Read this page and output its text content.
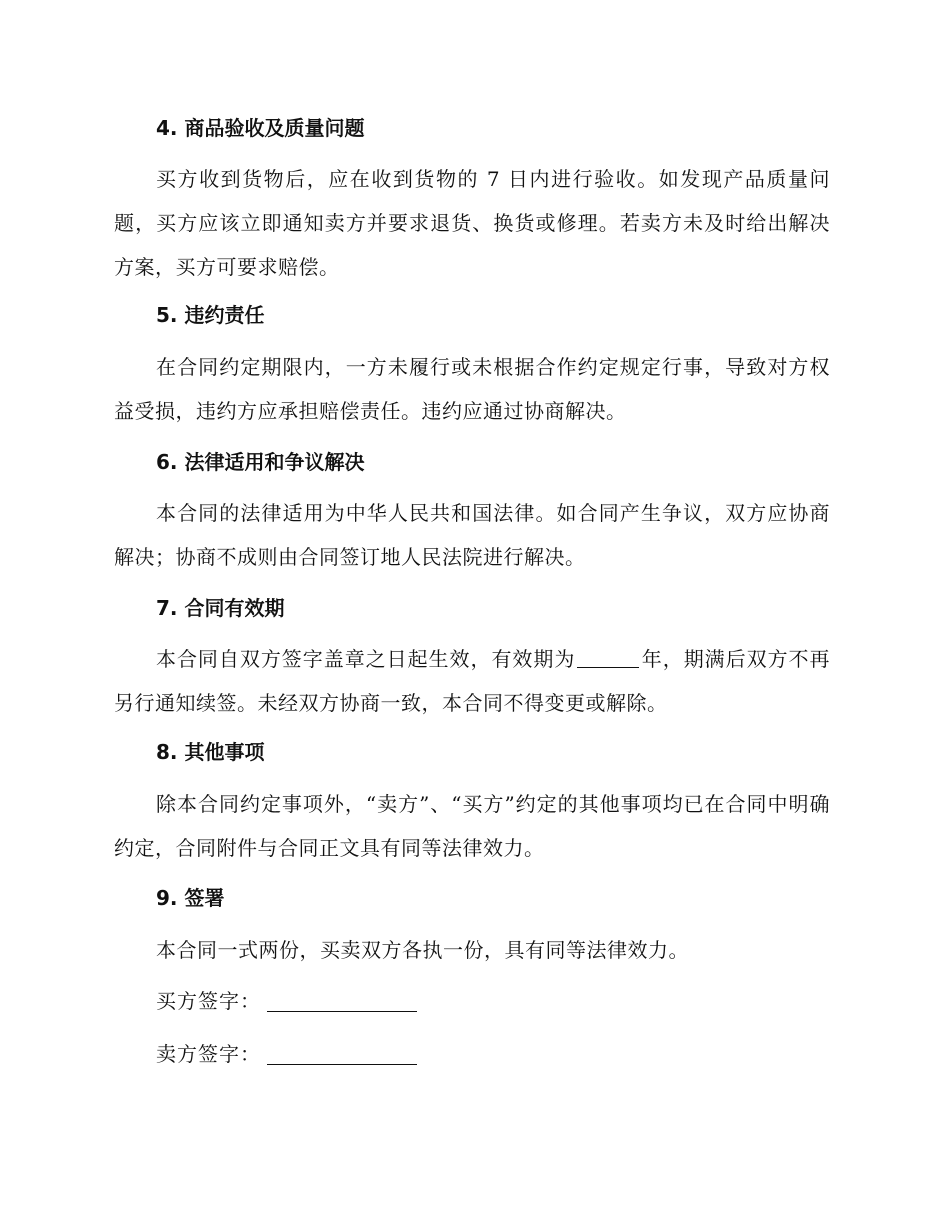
4. 商品验收及质量问题
买方收到货物后，应在收到货物的 7 日内进行验收。如发现产品质量问题，买方应该立即通知卖方并要求退货、换货或修理。若卖方未及时给出解决方案，买方可要求赔偿。
5. 违约责任
在合同约定期限内，一方未履行或未根据合作约定规定行事，导致对方权益受损，违约方应承担赔偿责任。违约应通过协商解决。
6. 法律适用和争议解决
本合同的法律适用为中华人民共和国法律。如合同产生争议，双方应协商解决；协商不成则由合同签订地人民法院进行解决。
7. 合同有效期
本合同自双方签字盖章之日起生效，有效期为	年，期满后双方不再另行通知续签。未经双方协商一致，本合同不得变更或解除。
8. 其他事项
除本合同约定事项外，“卖方”、“买方”约定的其他事项均已在合同中明确约定，合同附件与合同正文具有同等法律效力。
9. 签署
本合同一式两份，买卖双方各执一份，具有同等法律效力。
买方签字：
卖方签字：
